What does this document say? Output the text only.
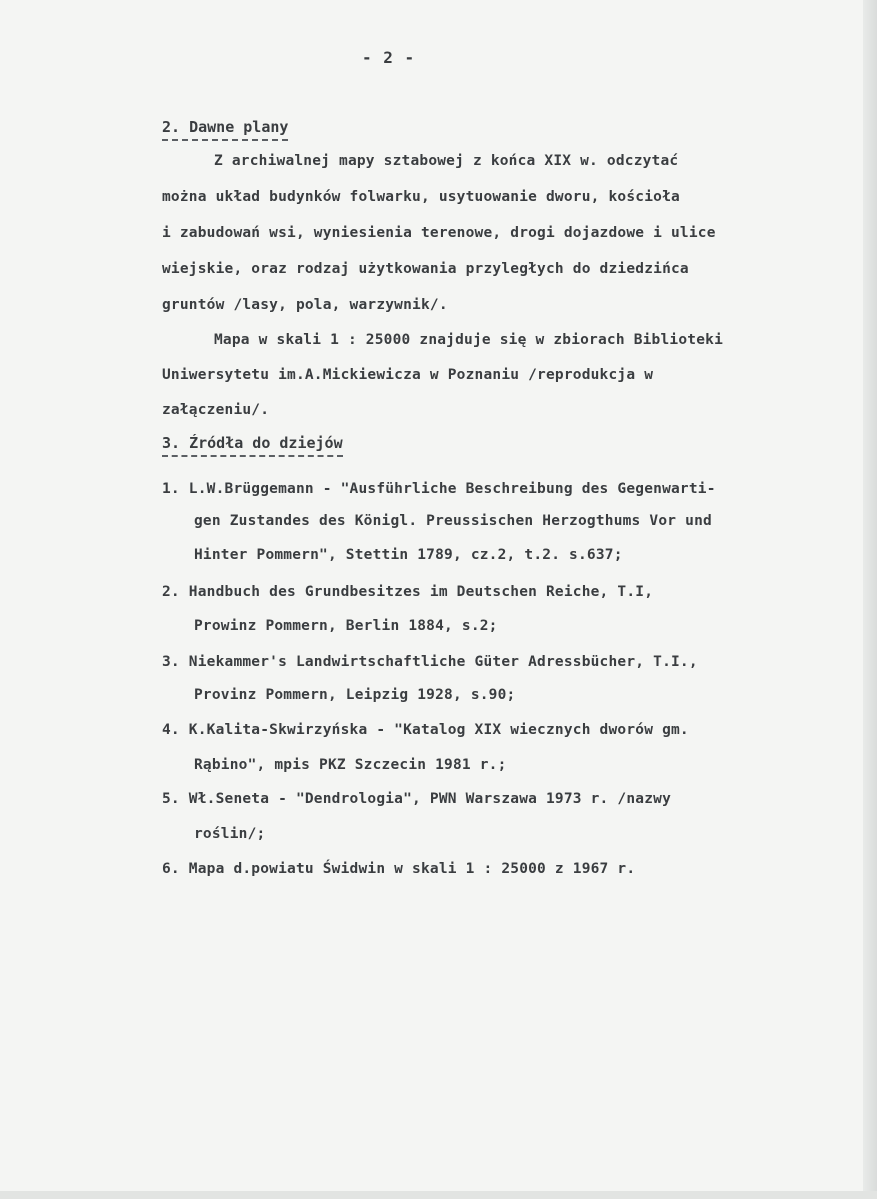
- 2 -
2. Dawne plany
Z archiwalnej mapy sztabowej z końca XIX w. odczytać
można układ budynków folwarku, usytuowanie dworu, kościoła
i zabudowań wsi, wyniesienia terenowe, drogi dojazdowe i ulice
wiejskie, oraz rodzaj użytkowania przyległych do dziedzińca
gruntów /lasy, pola, warzywnik/.
Mapa w skali 1 : 25000 znajduje się w zbiorach Biblioteki
Uniwersytetu im.A.Mickiewicza w Poznaniu /reprodukcja w
załączeniu/.
3. Źródła do dziejów
1. L.W.Brüggemann - "Ausführliche Beschreibung des Gegenwarti-
gen Zustandes des Königl. Preussischen Herzogthums Vor und
Hinter Pommern", Stettin 1789, cz.2, t.2. s.637;
2. Handbuch des Grundbesitzes im Deutschen Reiche, T.I,
Prowinz Pommern, Berlin 1884, s.2;
3. Niekammer's Landwirtschaftliche Güter Adressbücher, T.I.,
Provinz Pommern, Leipzig 1928, s.90;
4. K.Kalita-Skwirzyńska - "Katalog XIX wiecznych dworów gm.
Rąbino", mpis PKZ Szczecin 1981 r.;
5. Wł.Seneta - "Dendrologia", PWN Warszawa 1973 r. /nazwy
roślin/;
6. Mapa d.powiatu Świdwin w skali 1 : 25000 z 1967 r.
